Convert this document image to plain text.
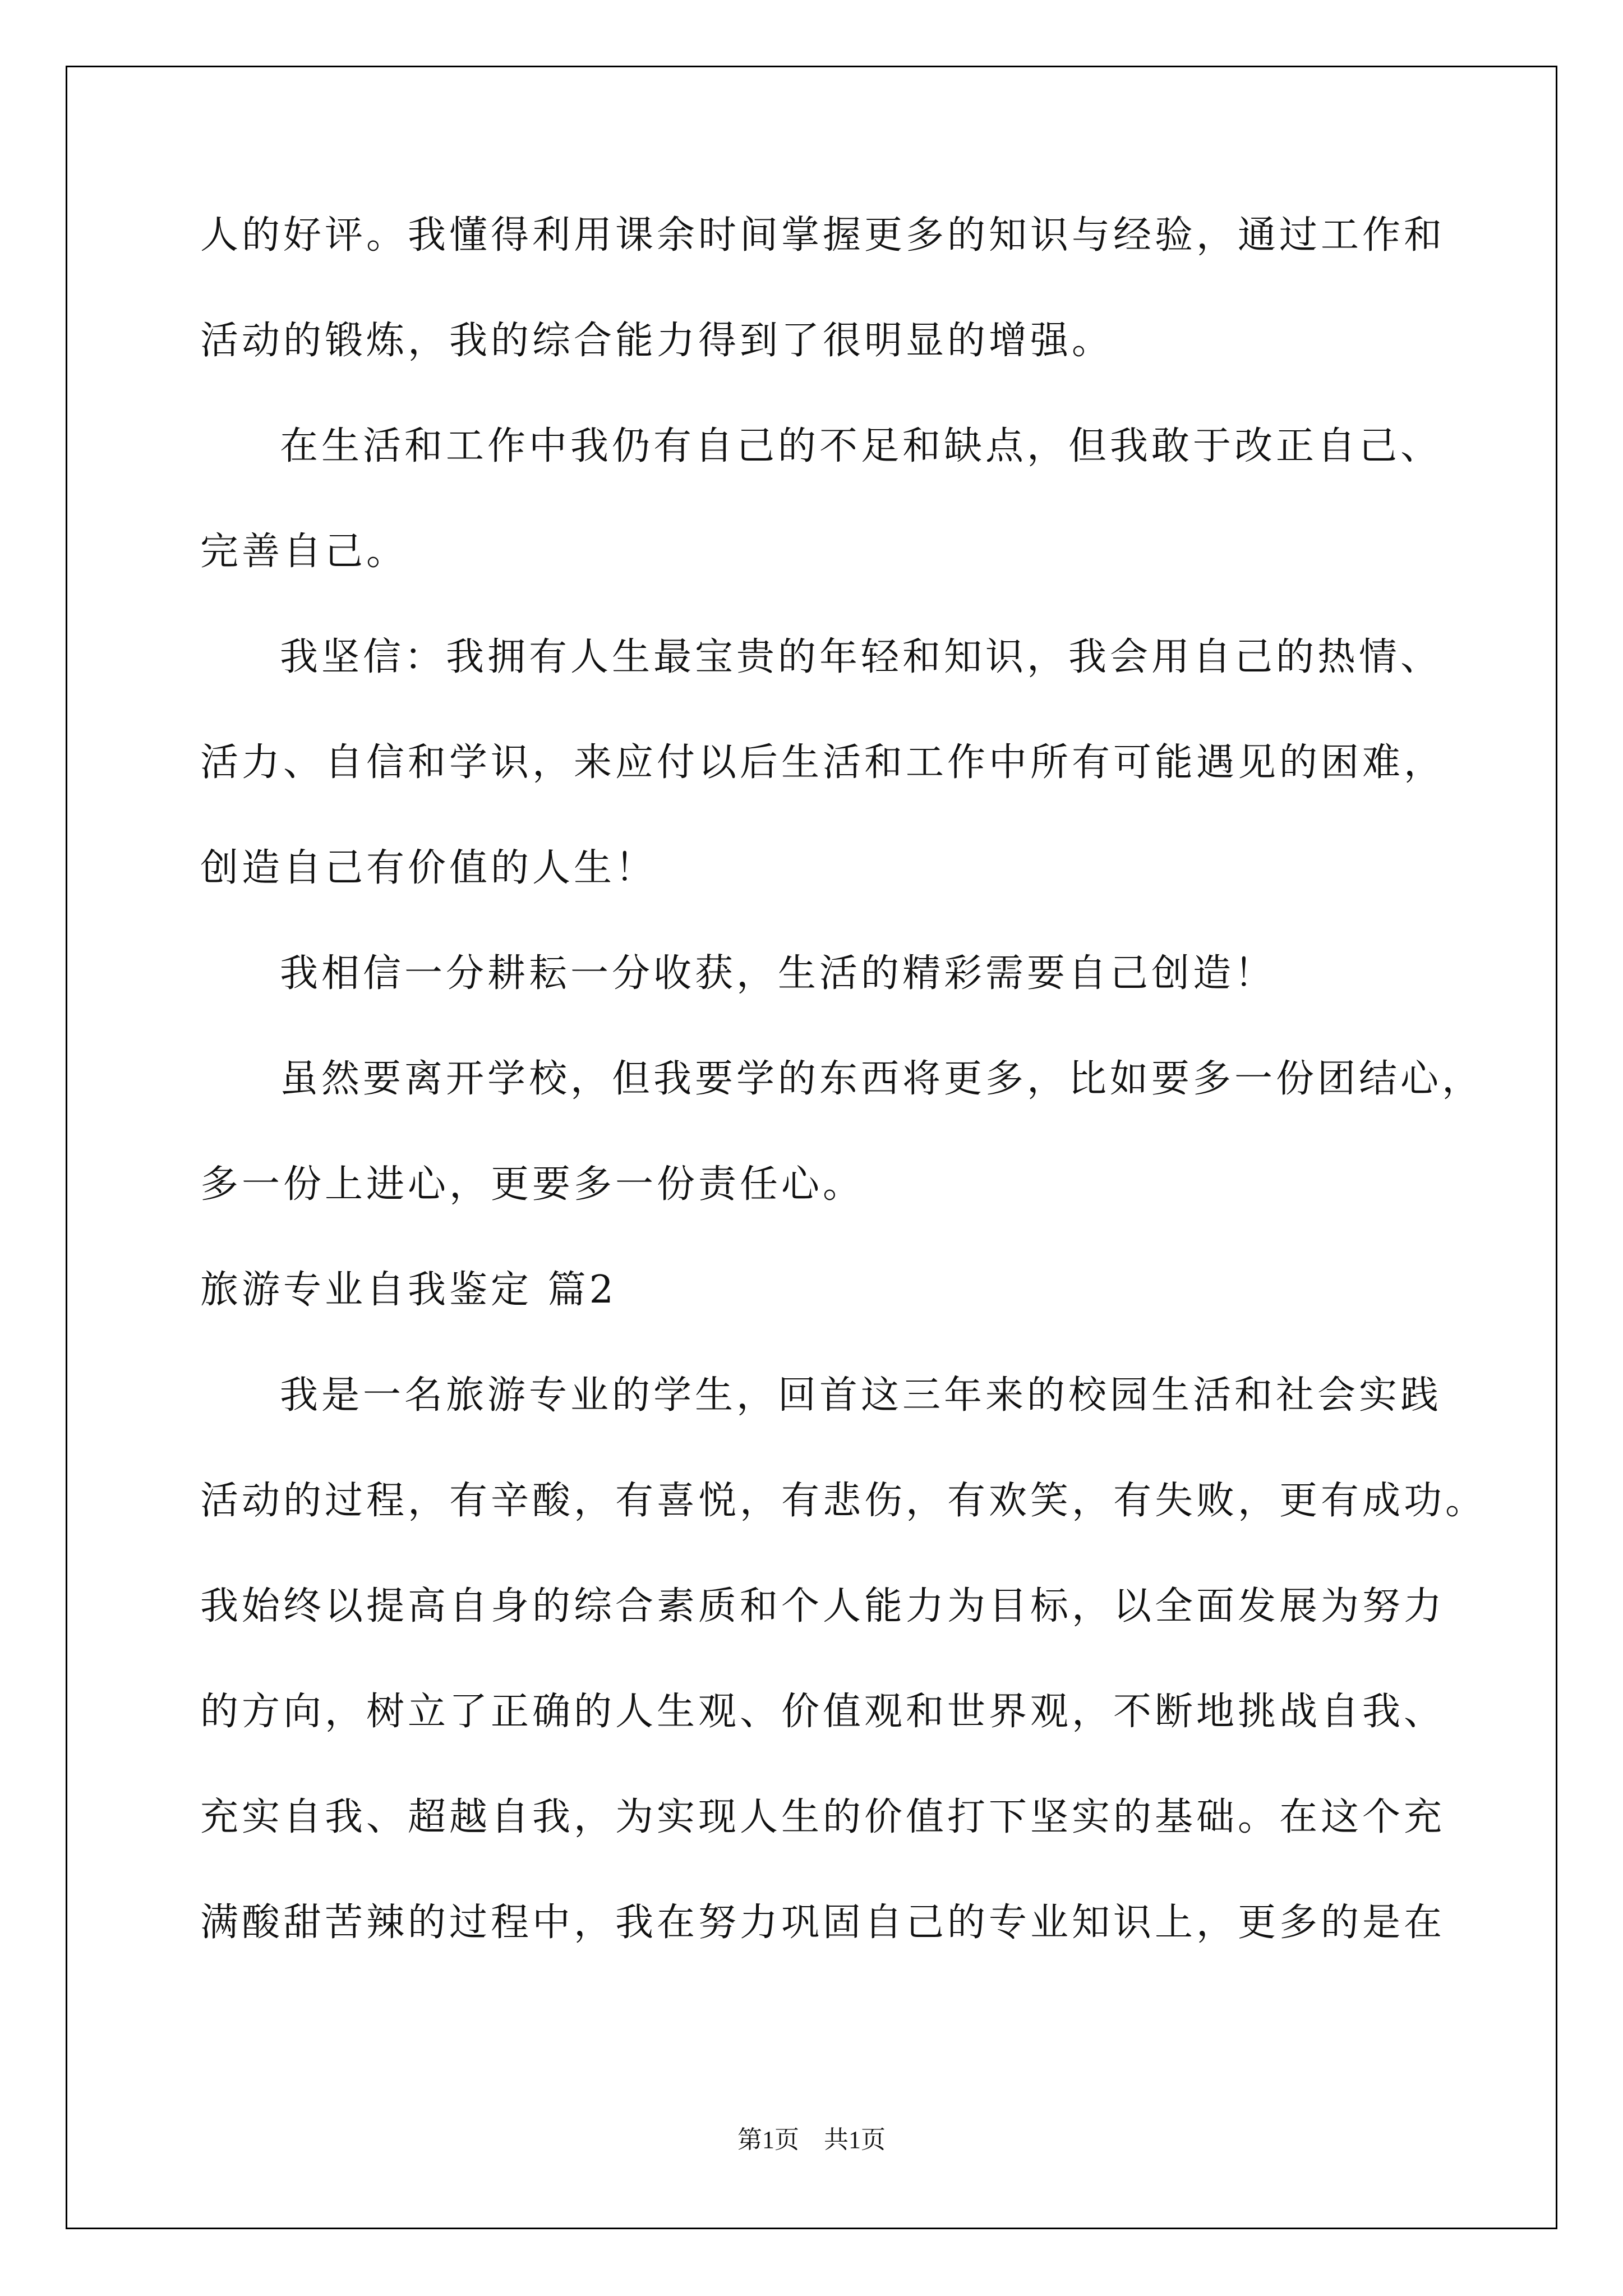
人的好评。我懂得利用课余时间掌握更多的知识与经验，通过工作和
活动的锻炼，我的综合能力得到了很明显的增强。
在生活和工作中我仍有自己的不足和缺点，但我敢于改正自己、
完善自己。
我坚信：我拥有人生最宝贵的年轻和知识，我会用自己的热情、
活力、自信和学识，来应付以后生活和工作中所有可能遇见的困难，
创造自己有价值的人生！
我相信一分耕耘一分收获，生活的精彩需要自己创造！
虽然要离开学校，但我要学的东西将更多，比如要多一份团结心，
多一份上进心，更要多一份责任心。
旅游专业自我鉴定 篇2
我是一名旅游专业的学生，回首这三年来的校园生活和社会实践
活动的过程，有辛酸，有喜悦，有悲伤，有欢笑，有失败，更有成功。
我始终以提高自身的综合素质和个人能力为目标，以全面发展为努力
的方向，树立了正确的人生观、价值观和世界观，不断地挑战自我、
充实自我、超越自我，为实现人生的价值打下坚实的基础。在这个充
满酸甜苦辣的过程中，我在努力巩固自己的专业知识上，更多的是在
第1页　共1页
